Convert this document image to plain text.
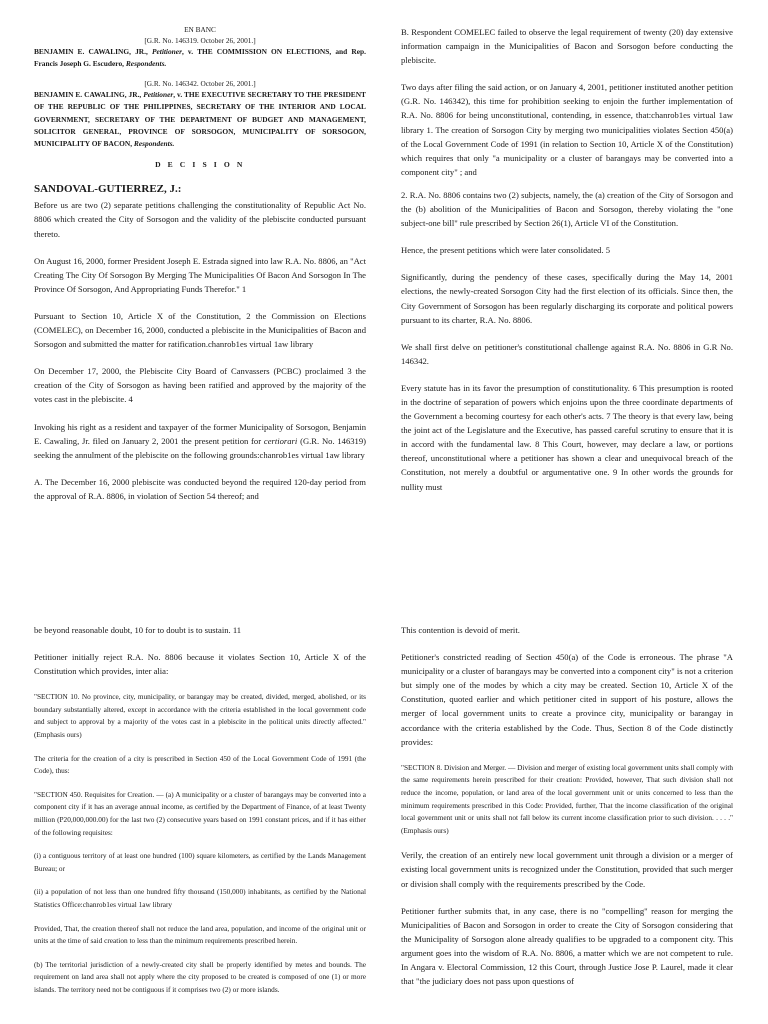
EN BANC

[G.R. No. 146319. October 26, 2001.]

BENJAMIN E. CAWALING, JR., Petitioner, v. THE COMMISSION ON ELECTIONS, and Rep. Francis Joseph G. Escudero, Respondents.

[G.R. No. 146342. October 26, 2001.]

BENJAMIN E. CAWALING, JR., Petitioner, v. THE EXECUTIVE SECRETARY TO THE PRESIDENT OF THE REPUBLIC OF THE PHILIPPINES, SECRETARY OF THE INTERIOR AND LOCAL GOVERNMENT, SECRETARY OF THE DEPARTMENT OF BUDGET AND MANAGEMENT, SOLICITOR GENERAL, PROVINCE OF SORSOGON, MUNICIPALITY OF SORSOGON, MUNICIPALITY OF BACON, Respondents.

D E C I S I O N

SANDOVAL-GUTIERREZ, J.:

Before us are two (2) separate petitions challenging the constitutionality of Republic Act No. 8806 which created the City of Sorsogon and the validity of the plebiscite conducted pursuant thereto.

On August 16, 2000, former President Joseph E. Estrada signed into law R.A. No. 8806, an "Act Creating The City Of Sorsogon By Merging The Municipalities Of Bacon And Sorsogon In The Province Of Sorsogon, And Appropriating Funds Therefor." 1

Pursuant to Section 10, Article X of the Constitution, 2 the Commission on Elections (COMELEC), on December 16, 2000, conducted a plebiscite in the Municipalities of Bacon and Sorsogon and submitted the matter for ratification.chanrob1es virtual 1aw library

On December 17, 2000, the Plebiscite City Board of Canvassers (PCBC) proclaimed 3 the creation of the City of Sorsogon as having been ratified and approved by the majority of the votes cast in the plebiscite. 4

Invoking his right as a resident and taxpayer of the former Municipality of Sorsogon, Benjamin E. Cawaling, Jr. filed on January 2, 2001 the present petition for certiorari (G.R. No. 146319) seeking the annulment of the plebiscite on the following grounds:chanrob1es virtual 1aw library

A. The December 16, 2000 plebiscite was conducted beyond the required 120-day period from the approval of R.A. 8806, in violation of Section 54 thereof; and

B. Respondent COMELEC failed to observe the legal requirement of twenty (20) day extensive information campaign in the Municipalities of Bacon and Sorsogon before conducting the plebiscite.

Two days after filing the said action, or on January 4, 2001, petitioner instituted another petition (G.R. No. 146342), this time for prohibition seeking to enjoin the further implementation of R.A. No. 8806 for being unconstitutional, contending, in essence, that:chanrob1es virtual 1aw library 1. The creation of Sorsogon City by merging two municipalities violates Section 450(a) of the Local Government Code of 1991 (in relation to Section 10, Article X of the Constitution) which requires that only "a municipality or a cluster of barangays may be converted into a component city" ; and

2. R.A. No. 8806 contains two (2) subjects, namely, the (a) creation of the City of Sorsogon and the (b) abolition of the Municipalities of Bacon and Sorsogon, thereby violating the "one subject-one bill" rule prescribed by Section 26(1), Article VI of the Constitution.

Hence, the present petitions which were later consolidated. 5

Significantly, during the pendency of these cases, specifically during the May 14, 2001 elections, the newly-created Sorsogon City had the first election of its officials. Since then, the City Government of Sorsogon has been regularly discharging its corporate and political powers pursuant to its charter, R.A. No. 8806.

We shall first delve on petitioner's constitutional challenge against R.A. No. 8806 in G.R No. 146342.

Every statute has in its favor the presumption of constitutionality. 6 This presumption is rooted in the doctrine of separation of powers which enjoins upon the three coordinate departments of the Government a becoming courtesy for each other's acts. 7 The theory is that every law, being the joint act of the Legislature and the Executive, has passed careful scrutiny to ensure that it is in accord with the fundamental law. 8 This Court, however, may declare a law, or portions thereof, unconstitutional where a petitioner has shown a clear and unequivocal breach of the Constitution, not merely a doubtful or argumentative one. 9 In other words the grounds for nullity must

be beyond reasonable doubt, 10 for to doubt is to sustain. 11

Petitioner initially reject R.A. No. 8806 because it violates Section 10, Article X of the Constitution which provides, inter alia:

"SECTION 10. No province, city, municipality, or barangay may be created, divided, merged, abolished, or its boundary substantially altered, except in accordance with the criteria established in the local government code and subject to approval by a majority of the votes cast in a plebiscite in the political units directly affected." (Emphasis ours)

The criteria for the creation of a city is prescribed in Section 450 of the Local Government Code of 1991 (the Code), thus:

"SECTION 450. Requisites for Creation. — (a) A municipality or a cluster of barangays may be converted into a component city if it has an average annual income, as certified by the Department of Finance, of at least Twenty million (P20,000,000.00) for the last two (2) consecutive years based on 1991 constant prices, and if it has either of the following requisites:

(i) a contiguous territory of at least one hundred (100) square kilometers, as certified by the Lands Management Bureau; or

(ii) a population of not less than one hundred fifty thousand (150,000) inhabitants, as certified by the National Statistics Office:chanrob1es virtual 1aw library

Provided, That, the creation thereof shall not reduce the land area, population, and income of the original unit or units at the time of said creation to less than the minimum requirements prescribed herein.

(b) The territorial jurisdiction of a newly-created city shall be properly identified by metes and bounds. The requirement on land area shall not apply where the city proposed to be created is composed of one (1) or more islands. The territory need not be contiguous if it comprises two (2) or more islands.

This contention is devoid of merit.

Petitioner's constricted reading of Section 450(a) of the Code is erroneous. The phrase "A municipality or a cluster of barangays may be converted into a component city" is not a criterion but simply one of the modes by which a city may be created. Section 10, Article X of the Constitution, quoted earlier and which petitioner cited in support of his posture, allows the merger of local government units to create a province city, municipality or barangay in accordance with the criteria established by the Code. Thus, Section 8 of the Code distinctly provides:

"SECTION 8. Division and Merger. — Division and merger of existing local government units shall comply with the same requirements herein prescribed for their creation: Provided, however, That such division shall not reduce the income, population, or land area of the local government unit or units concerned to less than the minimum requirements prescribed in this Code: Provided, further, That the income classification of the original local government unit or units shall not fall below its current income classification prior to such division. . . . ." (Emphasis ours)

Verily, the creation of an entirely new local government unit through a division or a merger of existing local government units is recognized under the Constitution, provided that such merger or division shall comply with the requirements prescribed by the Code.

Petitioner further submits that, in any case, there is no "compelling" reason for merging the Municipalities of Bacon and Sorsogon in order to create the City of Sorsogon considering that the Municipality of Sorsogon alone already qualifies to be upgraded to a component city. This argument goes into the wisdom of R.A. No. 8806, a matter which we are not competent to rule. In Angara v. Electoral Commission, 12 this Court, through Justice Jose P. Laurel, made it clear that "the judiciary does not pass upon questions of
